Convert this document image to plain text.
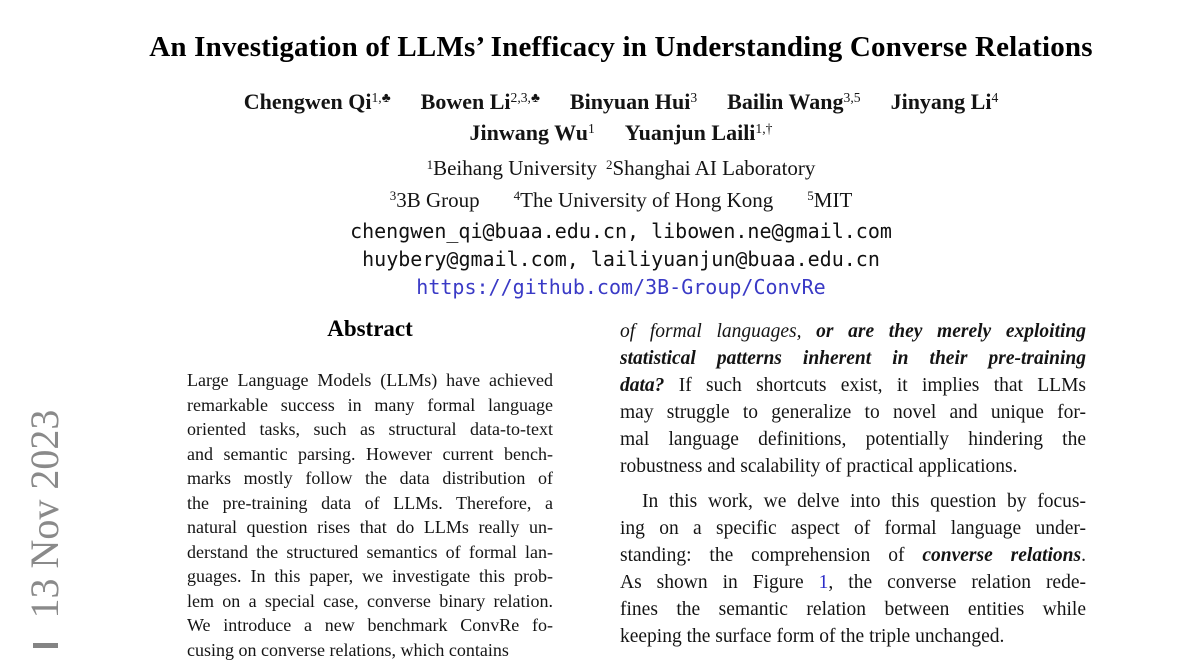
13 Nov 2023
An Investigation of LLMs’ Inefficacy in Understanding Converse Relations
Chengwen $Qi^{1,♣}$ Bowen $Li^{2,3,♣}$ Binyuan Hui$^3$ Bailin Wang$^{3,5}$ Jinyang Li$^4$
Jinwang Wu$^1$ Yuanjun Laili$^{1,\dagger}$
$^1$Beihang University $^2$Shanghai AI Laboratory
$^3$3B Group	$^4$The University of Hong Kong	$^5$MIT
chengwen_qi@buaa.edu.cn, libowen.ne@gmail.com
huybery@gmail.com, lailiyuanjun@buaa.edu.cn
https://github.com/3B-Group/ConvRe
Abstract
Large Language Models (LLMs) have achieved
remarkable success in many formal language
oriented tasks, such as structural data-to-text
and semantic parsing. However current bench-
marks mostly follow the data distribution of
the pre-training data of LLMs. Therefore, a
natural question rises that do LLMs really un-
derstand the structured semantics of formal lan-
guages. In this paper, we investigate this prob-
lem on a special case, converse binary relation.
We introduce a new benchmark ConvRe fo-
cusing on converse relations, which contains
of formal languages, or are they merely exploiting
statistical patterns inherent in their pre-training
data? If such shortcuts exist, it implies that LLMs
may struggle to generalize to novel and unique for-
mal language definitions, potentially hindering the
robustness and scalability of practical applications.
In this work, we delve into this question by focus-
ing on a specific aspect of formal language under-
standing: the comprehension of converse relations.
As shown in Figure 1, the converse relation rede-
fines the semantic relation between entities while
keeping the surface form of the triple unchanged.
